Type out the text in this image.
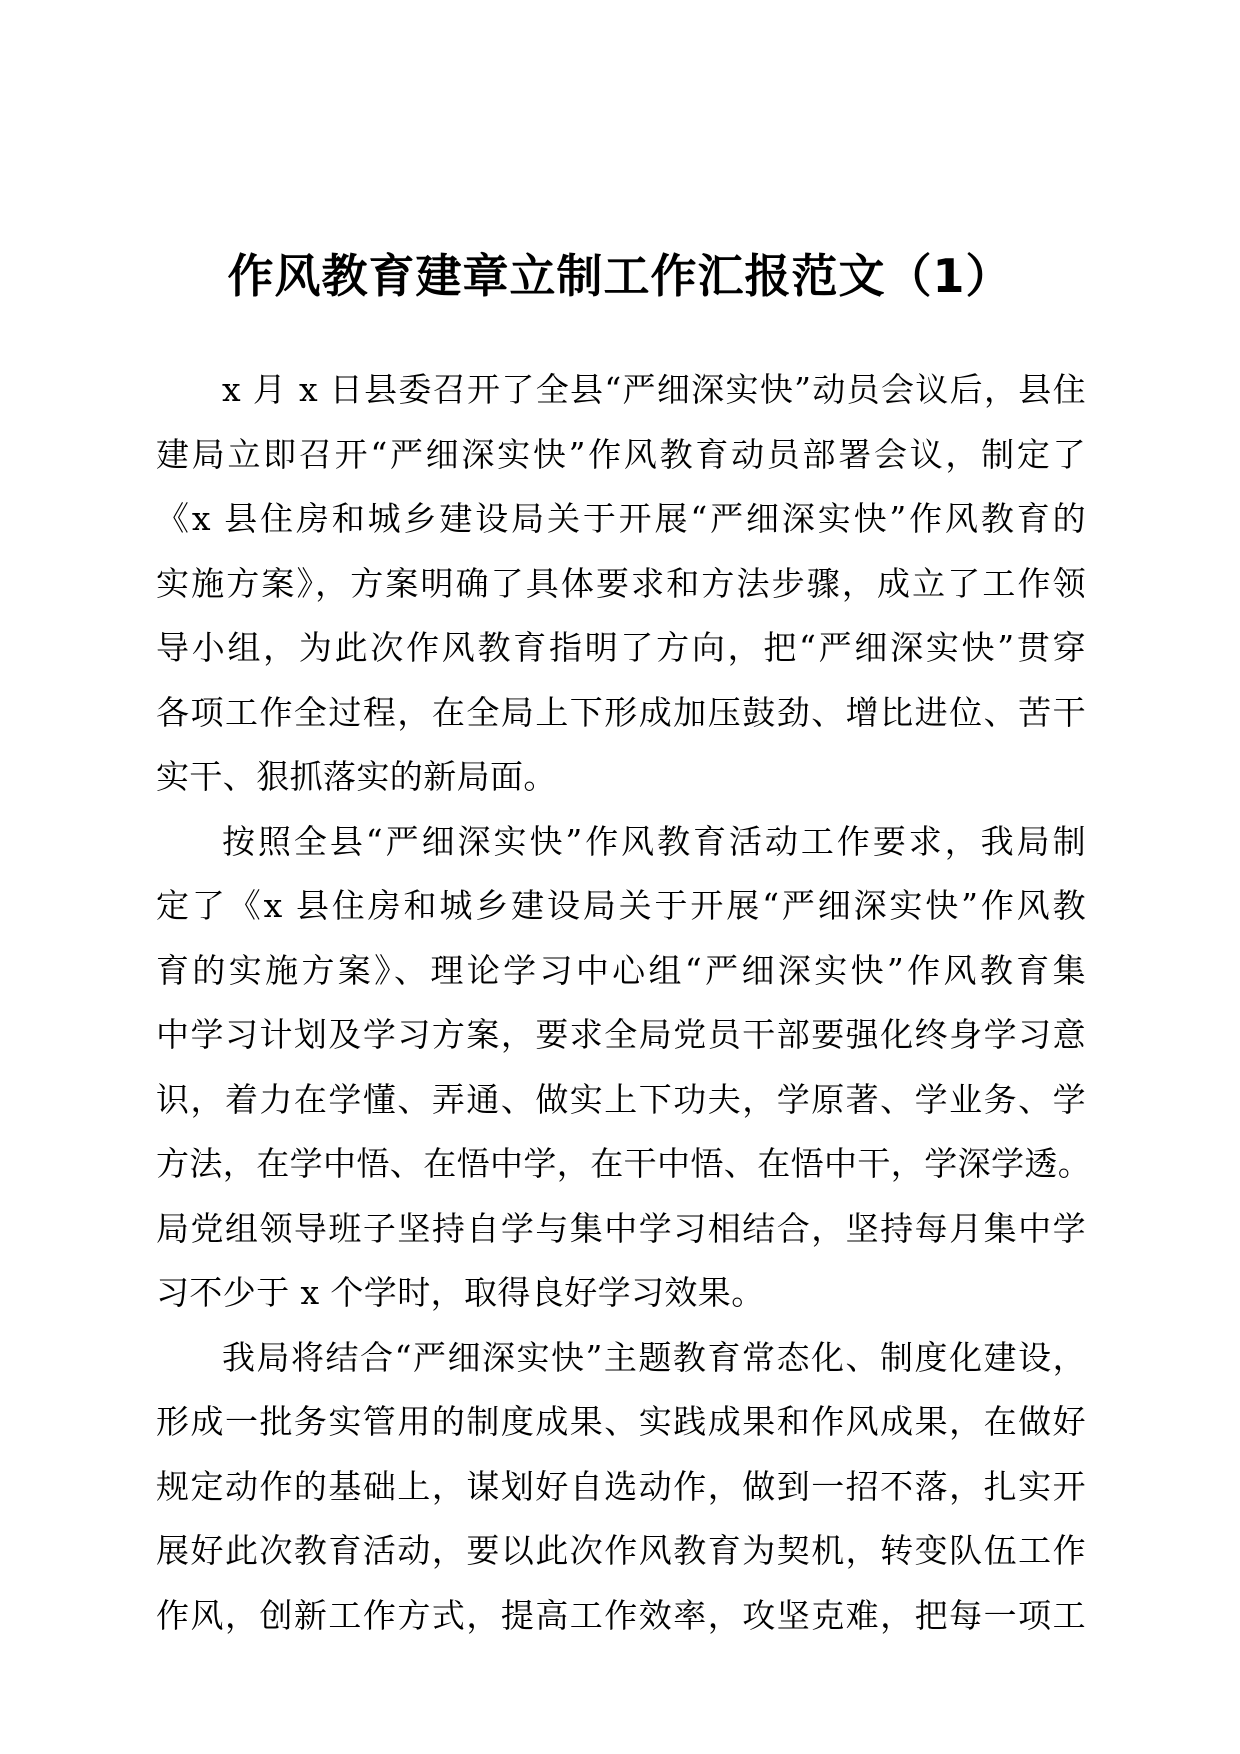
作风教育建章立制工作汇报范文（1）
x 月 x 日县委召开了全县“严细深实快”动员会议后，县住
建局立即召开“严细深实快”作风教育动员部署会议，制定了
《x 县住房和城乡建设局关于开展“严细深实快”作风教育的
实施方案》，方案明确了具体要求和方法步骤，成立了工作领
导小组，为此次作风教育指明了方向，把“严细深实快”贯穿
各项工作全过程，在全局上下形成加压鼓劲、增比进位、苦干
实干、狠抓落实的新局面。
按照全县“严细深实快”作风教育活动工作要求，我局制
定了《x 县住房和城乡建设局关于开展“严细深实快”作风教
育的实施方案》、理论学习中心组“严细深实快”作风教育集
中学习计划及学习方案，要求全局党员干部要强化终身学习意
识，着力在学懂、弄通、做实上下功夫，学原著、学业务、学
方法，在学中悟、在悟中学，在干中悟、在悟中干，学深学透。
局党组领导班子坚持自学与集中学习相结合，坚持每月集中学
习不少于 x 个学时，取得良好学习效果。
我局将结合“严细深实快”主题教育常态化、制度化建设，
形成一批务实管用的制度成果、实践成果和作风成果，在做好
规定动作的基础上，谋划好自选动作，做到一招不落，扎实开
展好此次教育活动，要以此次作风教育为契机，转变队伍工作
作风，创新工作方式，提高工作效率，攻坚克难，把每一项工
